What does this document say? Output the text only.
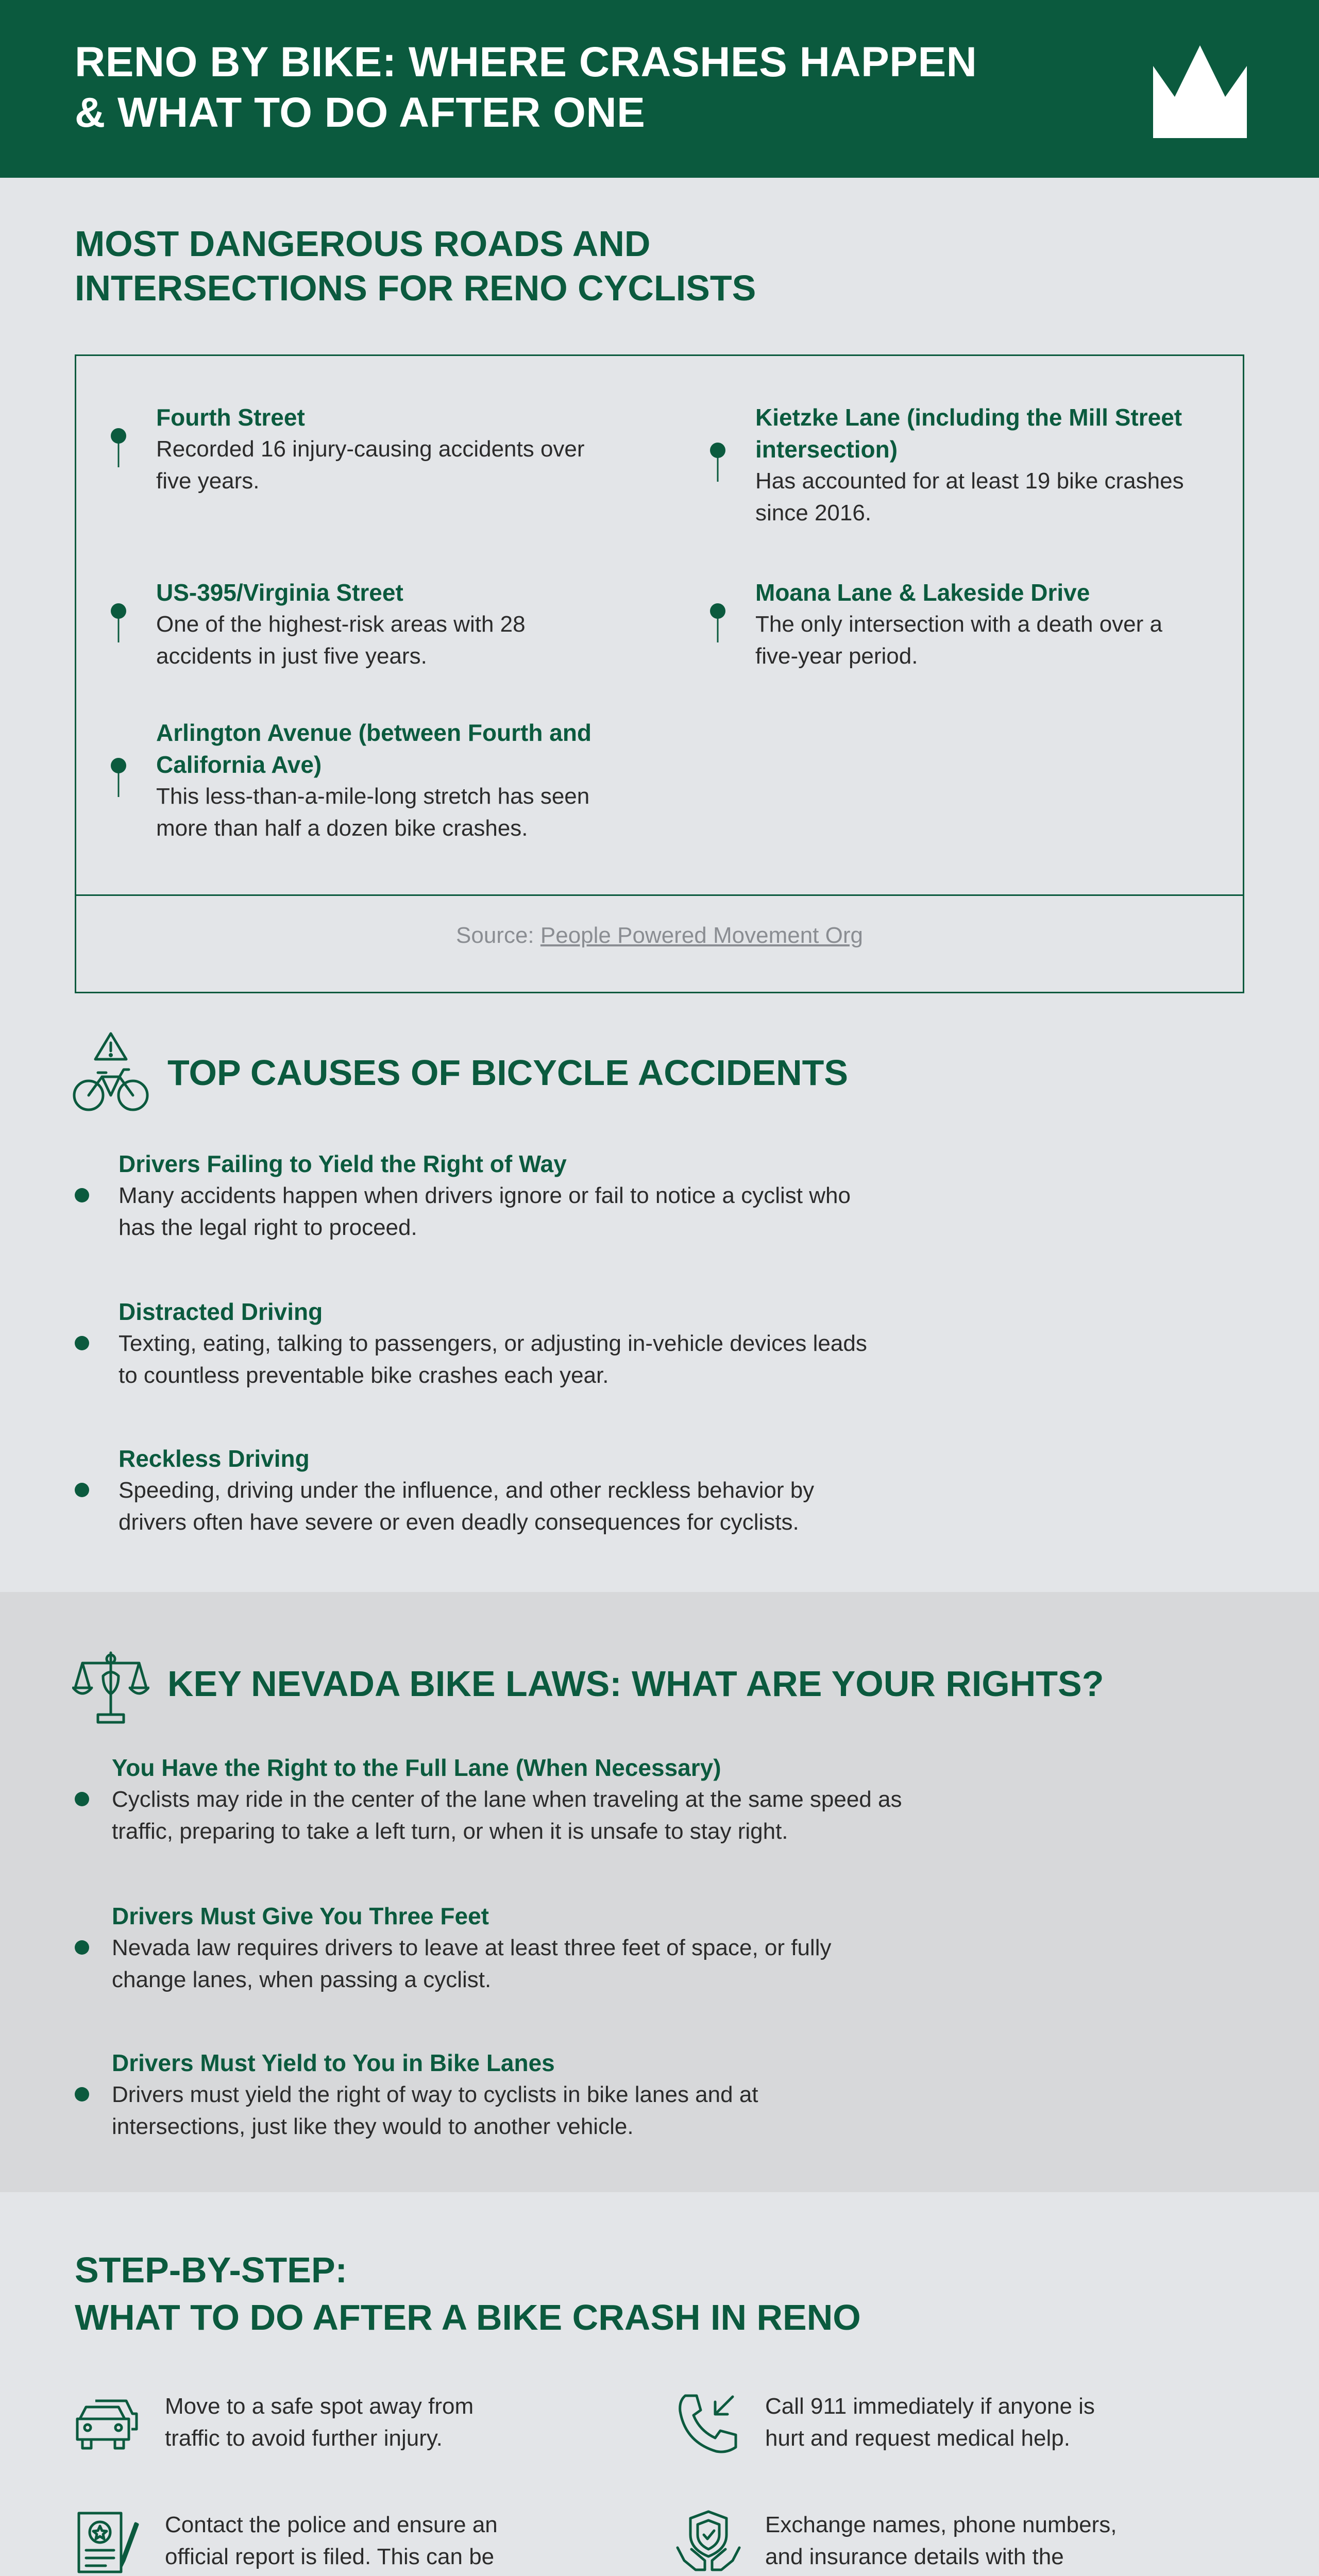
RENO BY BIKE: WHERE CRASHES HAPPEN
& WHAT TO DO AFTER ONE
MOST DANGEROUS ROADS AND
INTERSECTIONS FOR RENO CYCLISTS
Fourth Street
Recorded 16 injury-causing accidents over
five years.
US-395/Virginia Street
One of the highest-risk areas with 28
accidents in just five years.
Arlington Avenue (between Fourth and
California Ave)
This less-than-a-mile-long stretch has seen
more than half a dozen bike crashes.
Kietzke Lane (including the Mill Street
intersection)
Has accounted for at least 19 bike crashes
since 2016.
Moana Lane & Lakeside Drive
The only intersection with a death over a
five-year period.
Source: People Powered Movement Org
TOP CAUSES OF BICYCLE ACCIDENTS
Drivers Failing to Yield the Right of Way
Many accidents happen when drivers ignore or fail to notice a cyclist who
has the legal right to proceed.
Distracted Driving
Texting, eating, talking to passengers, or adjusting in-vehicle devices leads
to countless preventable bike crashes each year.
Reckless Driving
Speeding, driving under the influence, and other reckless behavior by
drivers often have severe or even deadly consequences for cyclists.
KEY NEVADA BIKE LAWS: WHAT ARE YOUR RIGHTS?
You Have the Right to the Full Lane (When Necessary)
Cyclists may ride in the center of the lane when traveling at the same speed as
traffic, preparing to take a left turn, or when it is unsafe to stay right.
Drivers Must Give You Three Feet
Nevada law requires drivers to leave at least three feet of space, or fully
change lanes, when passing a cyclist.
Drivers Must Yield to You in Bike Lanes
Drivers must yield the right of way to cyclists in bike lanes and at
intersections, just like they would to another vehicle.
STEP-BY-STEP:
WHAT TO DO AFTER A BIKE CRASH IN RENO
Move to a safe spot away from
traffic to avoid further injury.
Contact the police and ensure an
official report is filed. This can be
Call 911 immediately if anyone is
hurt and request medical help.
Exchange names, phone numbers,
and insurance details with the
